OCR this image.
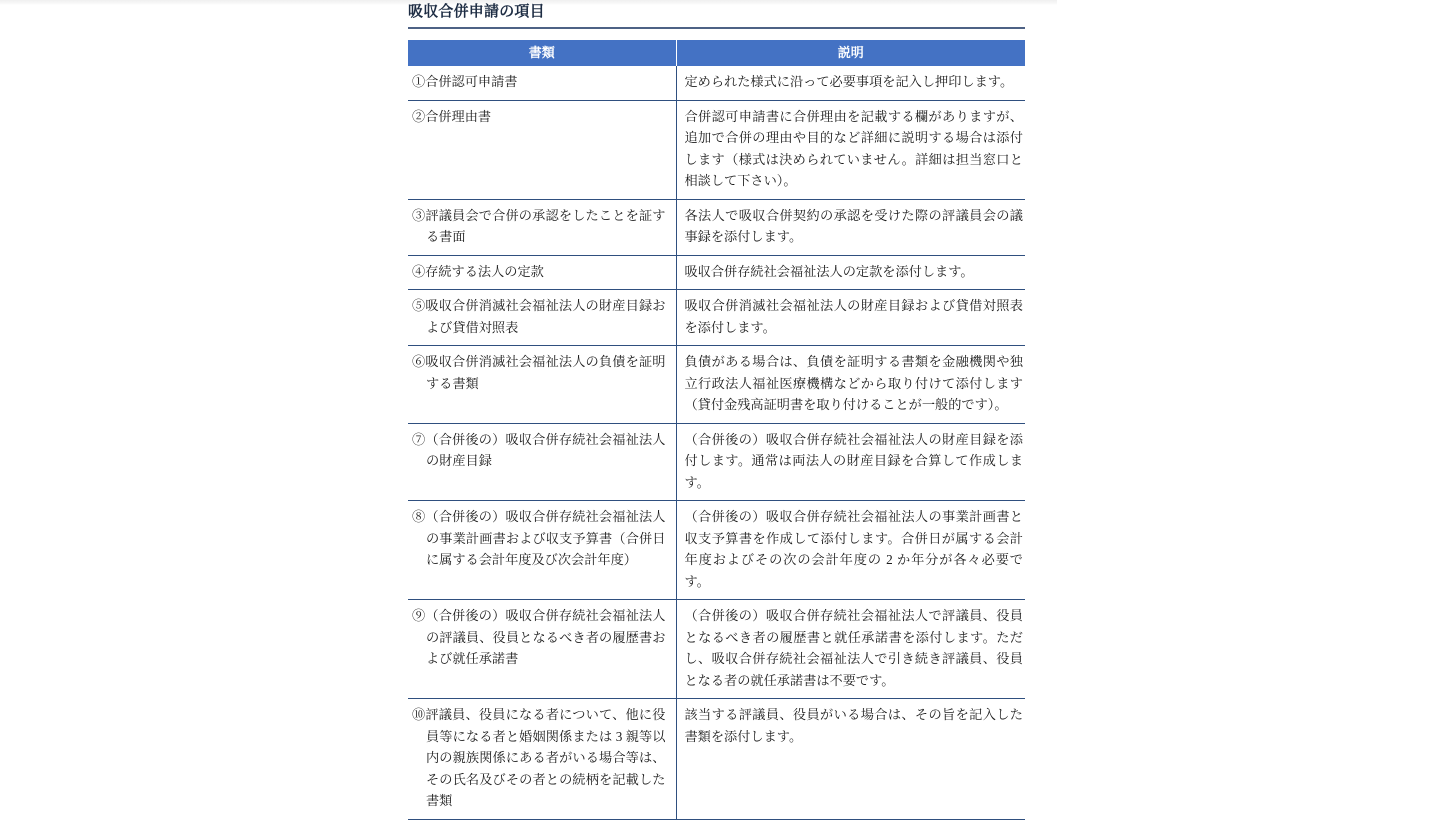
吸収合併申請の項目
書類	説明

①合併認可申請書	定められた様式に沿って必要事項を記入し押印します。

②合併理由書	合併認可申請書に合併理由を記載する欄がありますが、追加で合併の理由や目的など詳細に説明する場合は添付します（様式は決められていません。詳細は担当窓口と相談して下さい）。

③評議員会で合併の承認をしたことを証する書面	各法人で吸収合併契約の承認を受けた際の評議員会の議事録を添付します。

④存続する法人の定款	吸収合併存続社会福祉法人の定款を添付します。

⑤吸収合併消滅社会福祉法人の財産目録および貸借対照表	吸収合併消滅社会福祉法人の財産目録および貸借対照表を添付します。

⑥吸収合併消滅社会福祉法人の負債を証明する書類	負債がある場合は、負債を証明する書類を金融機関や独立行政法人福祉医療機構などから取り付けて添付します（貸付金残高証明書を取り付けることが一般的です）。

⑦（合併後の）吸収合併存続社会福祉法人の財産目録	（合併後の）吸収合併存続社会福祉法人の財産目録を添付します。通常は両法人の財産目録を合算して作成します。

⑧（合併後の）吸収合併存続社会福祉法人の事業計画書および収支予算書（合併日に属する会計年度及び次会計年度）	（合併後の）吸収合併存続社会福祉法人の事業計画書と収支予算書を作成して添付します。合併日が属する会計年度およびその次の会計年度の 2 か年分が各々必要です。

⑨（合併後の）吸収合併存続社会福祉法人の評議員、役員となるべき者の履歴書および就任承諾書	（合併後の）吸収合併存続社会福祉法人で評議員、役員となるべき者の履歴書と就任承諾書を添付します。ただし、吸収合併存続社会福祉法人で引き続き評議員、役員となる者の就任承諾書は不要です。

⑩評議員、役員になる者について、他に役員等になる者と婚姻関係または 3 親等以内の親族関係にある者がいる場合等は、その氏名及びその者との続柄を記載した書類	該当する評議員、役員がいる場合は、その旨を記入した書類を添付します。
